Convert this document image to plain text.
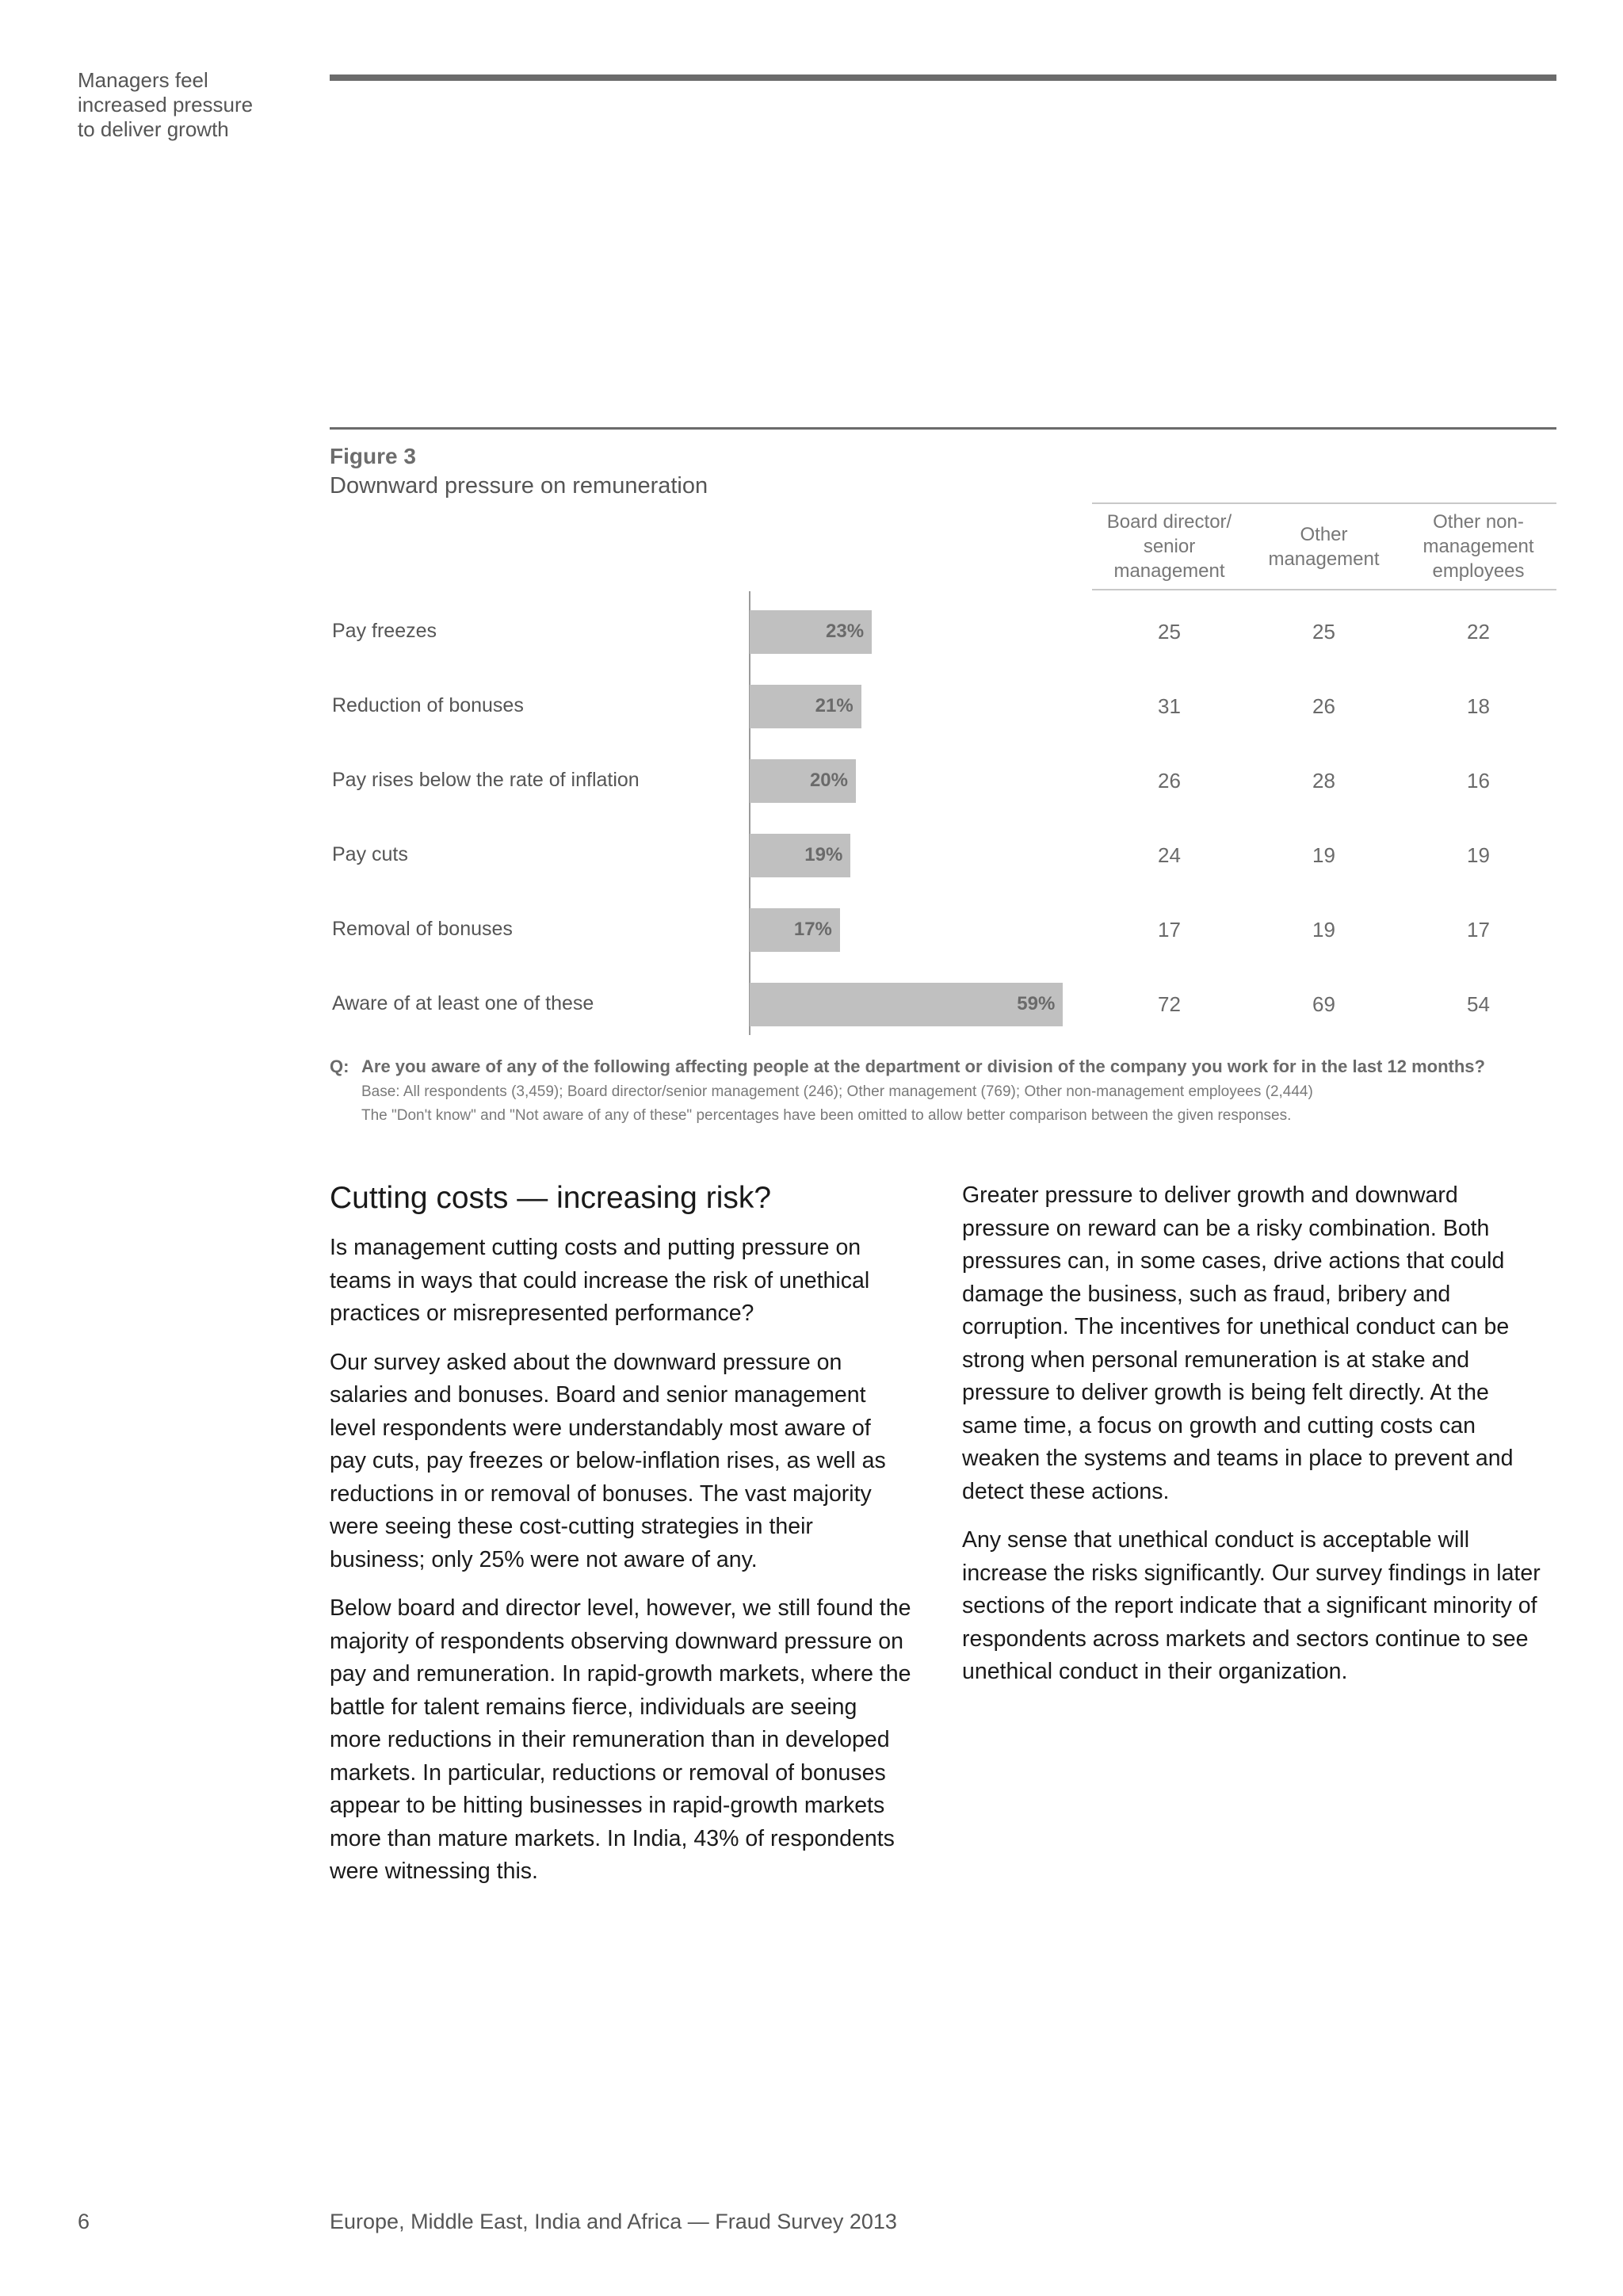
Managers feel
increased pressure
to deliver growth
Figure 3
Downward pressure on remuneration
Board director/ senior management
Other management
Other non- management employees
Pay freezes	23%	25	25	22
Reduction of bonuses	21%	31	26	18
Pay rises below the rate of inflation	20%	26	28	16
Pay cuts	19%	24	19	19
Removal of bonuses	17%	17	19	17
Aware of at least one of these	59%	72	69	54
Q: Are you aware of any of the following affecting people at the department or division of the company you work for in the last 12 months?
Base: All respondents (3,459); Board director/senior management (246); Other management (769); Other non-management employees (2,444)
The "Don't know" and "Not aware of any of these" percentages have been omitted to allow better comparison between the given responses.
Cutting costs — increasing risk?

Is management cutting costs and putting pressure on teams in ways that could increase the risk of unethical practices or misrepresented performance?

Our survey asked about the downward pressure on salaries and bonuses. Board and senior management level respondents were understandably most aware of pay cuts, pay freezes or below-inflation rises, as well as reductions in or removal of bonuses. The vast majority were seeing these cost-cutting strategies in their business; only 25% were not aware of any.

Below board and director level, however, we still found the majority of respondents observing downward pressure on pay and remuneration. In rapid-growth markets, where the battle for talent remains fierce, individuals are seeing more reductions in their remuneration than in developed markets. In particular, reductions or removal of bonuses appear to be hitting businesses in rapid-growth markets more than mature markets. In India, 43% of respondents were witnessing this.

Greater pressure to deliver growth and downward pressure on reward can be a risky combination. Both pressures can, in some cases, drive actions that could damage the business, such as fraud, bribery and corruption. The incentives for unethical conduct can be strong when personal remuneration is at stake and pressure to deliver growth is being felt directly. At the same time, a focus on growth and cutting costs can weaken the systems and teams in place to prevent and detect these actions.

Any sense that unethical conduct is acceptable will increase the risks significantly. Our survey findings in later sections of the report indicate that a significant minority of respondents across markets and sectors continue to see unethical conduct in their organization.

6	Europe, Middle East, India and Africa — Fraud Survey 2013
